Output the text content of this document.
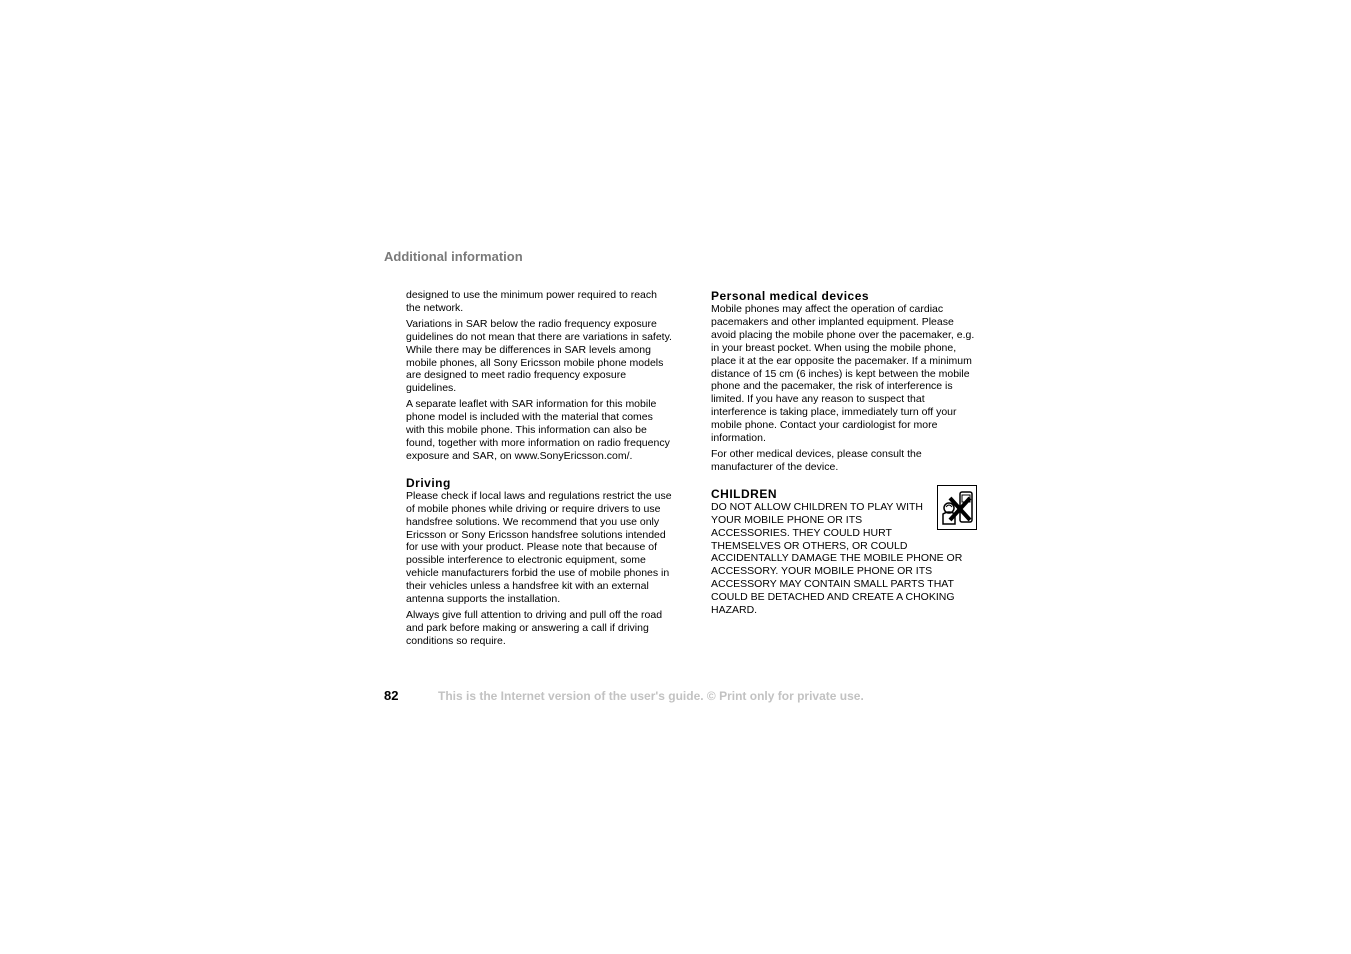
Additional information

designed to use the minimum power required to reach the network.

Variations in SAR below the radio frequency exposure guidelines do not mean that there are variations in safety. While there may be differences in SAR levels among mobile phones, all Sony Ericsson mobile phone models are designed to meet radio frequency exposure guidelines.

A separate leaflet with SAR information for this mobile phone model is included with the material that comes with this mobile phone. This information can also be found, together with more information on radio frequency exposure and SAR, on www.SonyEricsson.com/.

Driving

Please check if local laws and regulations restrict the use of mobile phones while driving or require drivers to use handsfree solutions. We recommend that you use only Ericsson or Sony Ericsson handsfree solutions intended for use with your product. Please note that because of possible interference to electronic equipment, some vehicle manufacturers forbid the use of mobile phones in their vehicles unless a handsfree kit with an external antenna supports the installation.

Always give full attention to driving and pull off the road and park before making or answering a call if driving conditions so require.

Personal medical devices

Mobile phones may affect the operation of cardiac pacemakers and other implanted equipment. Please avoid placing the mobile phone over the pacemaker, e.g. in your breast pocket. When using the mobile phone, place it at the ear opposite the pacemaker. If a minimum distance of 15 cm (6 inches) is kept between the mobile phone and the pacemaker, the risk of interference is limited. If you have any reason to suspect that interference is taking place, immediately turn off your mobile phone. Contact your cardiologist for more information.

For other medical devices, please consult the manufacturer of the device.

CHILDREN

DO NOT ALLOW CHILDREN TO PLAY WITH YOUR MOBILE PHONE OR ITS ACCESSORIES. THEY COULD HURT THEMSELVES OR OTHERS, OR COULD ACCIDENTALLY DAMAGE THE MOBILE PHONE OR ACCESSORY. YOUR MOBILE PHONE OR ITS ACCESSORY MAY CONTAIN SMALL PARTS THAT COULD BE DETACHED AND CREATE A CHOKING HAZARD.

82	This is the Internet version of the user's guide. © Print only for private use.
